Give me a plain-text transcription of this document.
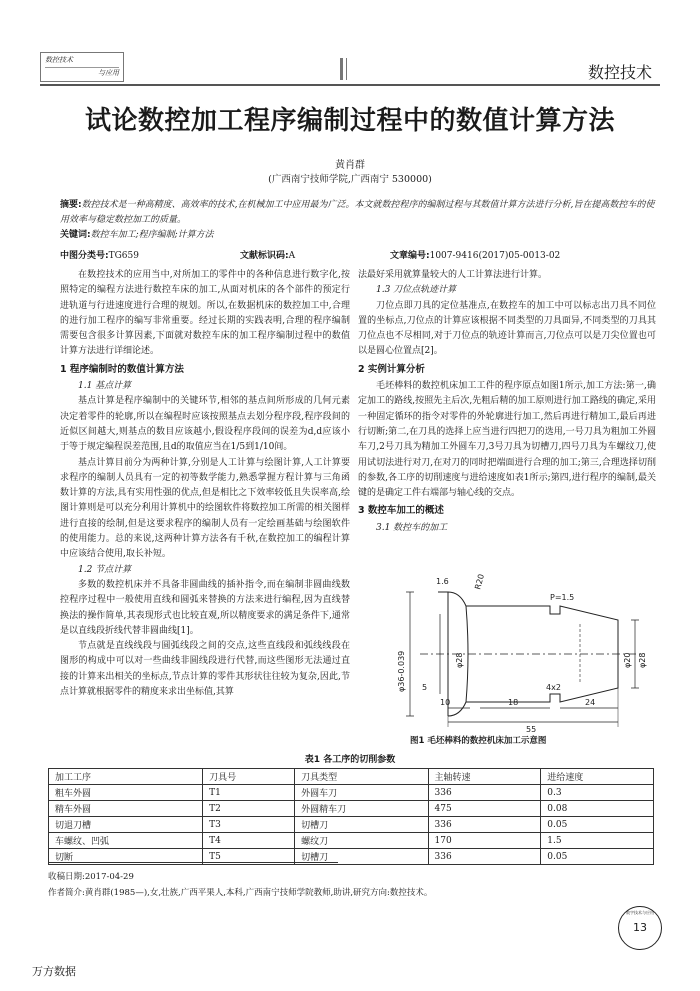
数控技术
与应用	数控技术
试论数控加工程序编制过程中的数值计算方法
黄肖群
(广西南宁技师学院,广西南宁 530000)
摘要:数控技术是一种高精度、高效率的技术,在机械加工中应用最为广泛。本文就数控程序的编制过程与其数值计算方法进行分析,旨在提高数控车的使用效率与稳定数控加工的质量。
关键词:数控车加工;程序编制;计算方法
中图分类号:TG659	文献标识码:A	文章编号:1007-9416(2017)05-0013-02

在数控技术的应用当中,对所加工的零件中的各种信息进行数字化,按照特定的编程方法进行数控车床的加工,从面对机床的各个部件的预定行进轨道与行进速度进行合理的规划。所以,在数据机床的数控加工中,合理的进行加工程序的编写非常重要。经过长期的实践表明,合理的程序编制需要包含很多计算因素,下面就对数控车床的加工程序编制过程中的数值计算方法进行详细论述。

1 程序编制时的数值计算方法
1.1 基点计算

基点计算是程序编制中的关键环节,相邻的基点间所形成的几何元素决定着零件的轮廓,所以在编程时应该按照基点去划分程序段,程序段间的近似区间越大,则基点的数目应该越小,假设程序段间的误差为d,d应该小于等于规定编程误差范围,且d的取值应当在1/5到1/10间。

基点计算目前分为两种计算,分别是人工计算与绘图计算,人工计算要求程序的编制人员具有一定的初等数学能力,熟悉掌握方程计算与三角函数计算的方法,具有实用性强的优点,但是相比之下效率较低且失误率高,绘图计算则是可以充分利用计算机中的绘图软件将数控加工所需的相关图样进行直接的绘制,但是这要求程序的编制人员有一定绘画基础与绘图软件的使用能力。总的来说,这两种计算方法各有千秋,在数控加工的编程计算中应该结合使用,取长补短。

1.2 节点计算

多数的数控机床并不具备非圆曲线的插补指令,而在编制非圆曲线数控程序过程中一般使用直线和圆弧来替换的方法来进行编程,因为直线替换法的操作简单,其表现形式也比较直观,所以精度要求的满足条件下,通常是以直线段折线代替非圆曲线[1]。

节点就是直线线段与圆弧线段之间的交点,这些直线段和弧线线段在图形的构成中可以对一些曲线非圆线段进行代替,而这些图形无法通过直接的计算来出相关的坐标点,节点计算的零件其形状往往较为复杂,因此,节点计算就根据零件的精度来求出坐标值,其算

法最好采用就算量较大的人工计算法进行计算。

1.3 刀位点轨迹计算

刀位点即刀具的定位基准点,在数控车的加工中可以标志出刀具不同位置的坐标点,刀位点的计算应该根据不同类型的刀具面异,不同类型的刀具其刀位点也不尽相同,对于刀位点的轨迹计算而言,刀位点可以是刀尖位置也可以是圆心位置点[2]。

2 实例计算分析

毛坯棒料的数控机床加工工件的程序原点如图1所示,加工方法:第一,确定加工的路线,按照先主后次,先粗后精的加工原则进行加工路线的确定,采用一种固定循环的指令对零件的外轮廓进行加工,然后再进行精加工,最后再进行切断;第二,在刀具的选择上应当进行四把刀的选用,一号刀具为粗加工外圆车刀,2号刀具为精加工外圆车刀,3号刀具为切槽刀,四号刀具为车螺纹刀,使用试切法进行对刀,在对刀的同时把端面进行合理的加工;第三,合理选择切削的参数,各工序的切削速度与进给速度如表1所示;第四,进行程序的编制,最关键的是确定工件右端部与轴心线的交点。

3 数控车加工的概述
3.1 数控车的加工
1.6	R20
P=1.5
φ36-0.039	φ28	φ20 φ28
4x2
5
10	18	24
55
图1 毛坯棒料的数控机床加工示意图
表1 各工序的切削参数
加工工序	刀具号	刀具类型	主轴转速	进给速度
粗车外圆	T1	外圆车刀	336	0.3
精车外圆	T2	外圆精车刀	475	0.08
切退刀槽	T3	切槽刀	336	0.05
车螺纹、凹弧	T4	螺纹刀	170	1.5
切断	T5	切槽刀	336	0.05
收稿日期:2017-04-29
作者简介:黄肖群(1985—),女,壮族,广西平果人,本科,广西南宁技师学院教师,助讲,研究方向:数控技术。
数字技术与应用
13
万方数据
